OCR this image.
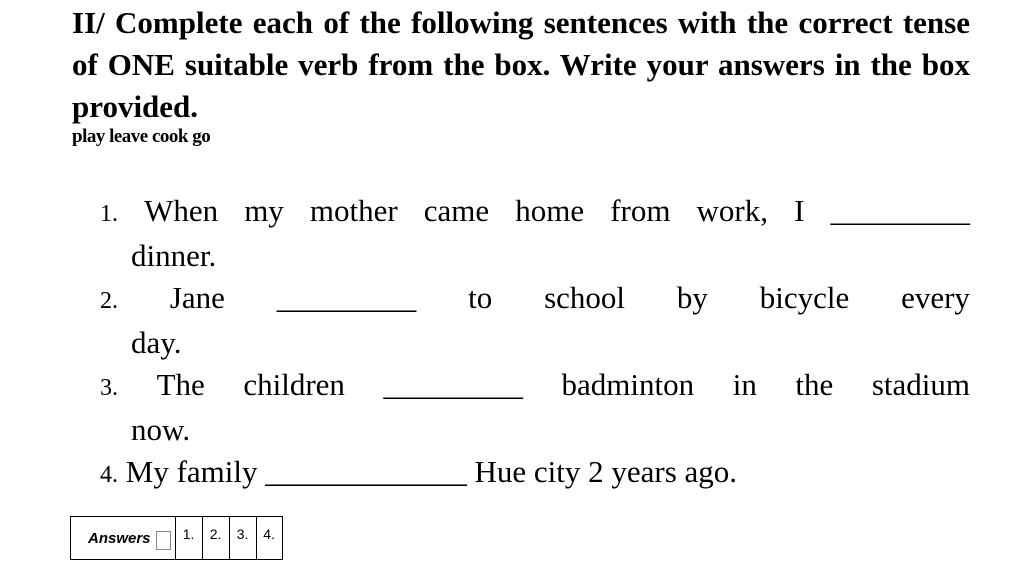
II/ Complete each of the following sentences with the correct tense of ONE suitable verb from the box. Write your answers in the box provided.

play leave cook go

1. When my mother came home from work, I _________
dinner.
2. Jane _________ to school by bicycle every
day.
3. The children _________ badminton in the stadium
now.
4. My family
_____________
Hue city 2 years ago.
Answers	1.	2.	3.	4.
